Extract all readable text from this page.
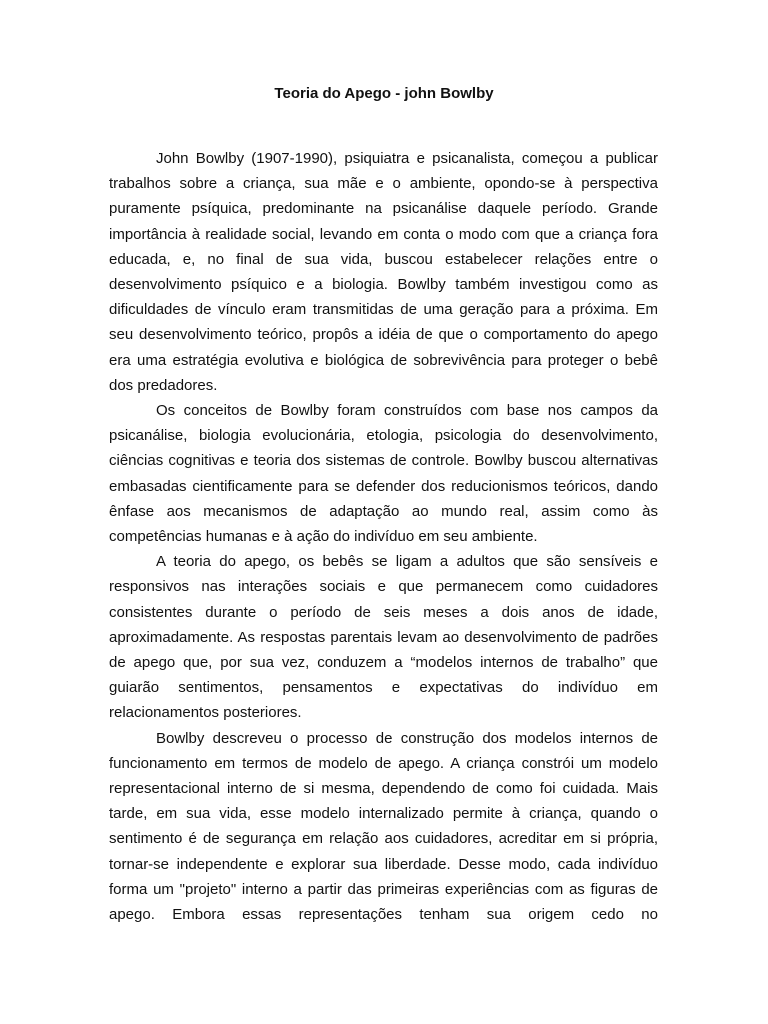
Teoria do Apego - john Bowlby

John Bowlby (1907-1990), psiquiatra e psicanalista, começou a publicar trabalhos sobre a criança, sua mãe e o ambiente, opondo-se à perspectiva puramente psíquica, predominante na psicanálise daquele período. Grande importância à realidade social, levando em conta o modo com que a criança fora educada, e, no final de sua vida, buscou estabelecer relações entre o desenvolvimento psíquico e a biologia. Bowlby também investigou como as dificuldades de vínculo eram transmitidas de uma geração para a próxima. Em seu desenvolvimento teórico, propôs a idéia de que o comportamento do apego era uma estratégia evolutiva e biológica de sobrevivência para proteger o bebê dos predadores.

Os conceitos de Bowlby foram construídos com base nos campos da psicanálise, biologia evolucionária, etologia, psicologia do desenvolvimento, ciências cognitivas e teoria dos sistemas de controle. Bowlby buscou alternativas embasadas cientificamente para se defender dos reducionismos teóricos, dando ênfase aos mecanismos de adaptação ao mundo real, assim como às competências humanas e à ação do indivíduo em seu ambiente.

A teoria do apego, os bebês se ligam a adultos que são sensíveis e responsivos nas interações sociais e que permanecem como cuidadores consistentes durante o período de seis meses a dois anos de idade, aproximadamente. As respostas parentais levam ao desenvolvimento de padrões de apego que, por sua vez, conduzem a “modelos internos de trabalho” que guiarão sentimentos, pensamentos e expectativas do indivíduo em relacionamentos posteriores.

Bowlby descreveu o processo de construção dos modelos internos de funcionamento em termos de modelo de apego. A criança constrói um modelo representacional interno de si mesma, dependendo de como foi cuidada. Mais tarde, em sua vida, esse modelo internalizado permite à criança, quando o sentimento é de segurança em relação aos cuidadores, acreditar em si própria, tornar-se independente e explorar sua liberdade. Desse modo, cada indivíduo forma um "projeto" interno a partir das primeiras experiências com as figuras de apego. Embora essas representações tenham sua origem cedo no
